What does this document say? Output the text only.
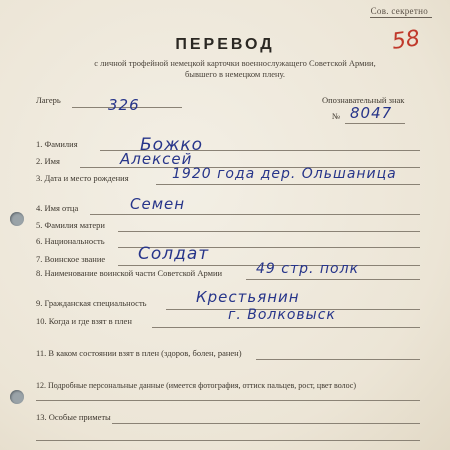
Сов. секретно
58
ПЕРЕВОД
с личной трофейной немецкой карточки военнослужащего Советской Армии,
бывшего в немецком плену.
Лагерь	326	Опознавательный знак
№ 8047
1. Фамилия	Божко
2. Имя	Алексей
3. Дата и место рождения	1920 года дер. Ольшаница
4. Имя отца	Семен
5. Фамилия матери
6. Национальность
7. Воинское звание Солдат
8. Наименование воинской части Советской Армии 49 стр. полк
9. Гражданская специальность	Крестьянин
10. Когда и где взят в плен	г. Волковыск
11. В каком состоянии взят в плен (здоров, болен, ранен)
12. Подробные персональные данные (имеется фотография, оттиск пальцев, рост, цвет волос)
13. Особые приметы
